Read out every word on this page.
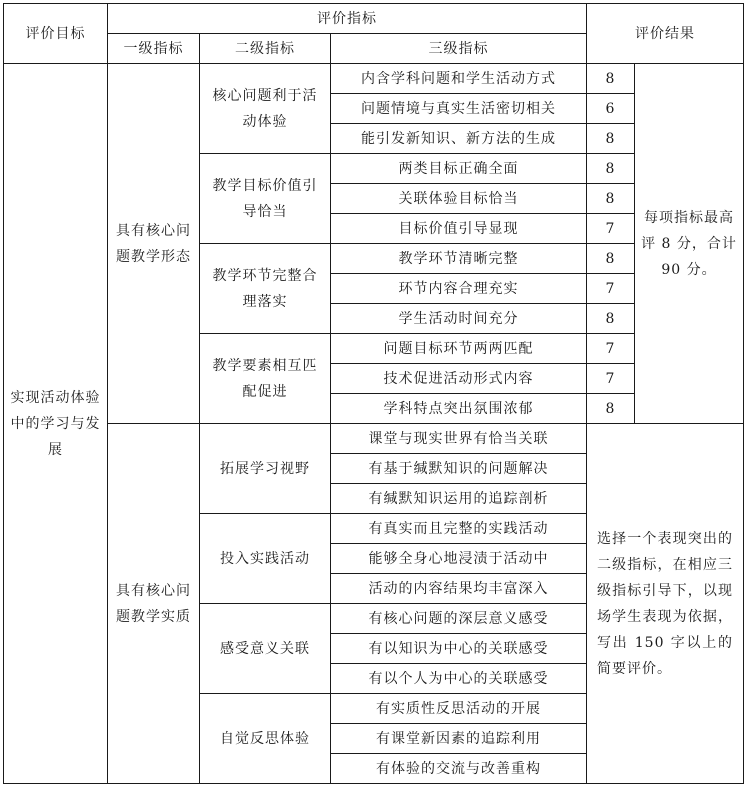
评价目标	评价指标			评价结果	
	一级指标	二级指标	三级指标		

实现活动体验中的学习与发展	具有核心问题教学形态	核心问题利于活动体验	内含学科问题和学生活动方式	8	每项指标最高评 8 分，合计 90 分。

			问题情境与真实生活密切相关	6	
			能引发新知识、新方法的生成	8	

		教学目标价值引导恰当	两类目标正确全面	8	
			关联体验目标恰当	8	
			目标价值引导显现	7	

		教学环节完整合理落实	教学环节清晰完整	8	
			环节内容合理充实	7	
			学生活动时间充分	8	

		教学要素相互匹配促进	问题目标环节两两匹配	7	
			技术促进活动形式内容	7	
			学科特点突出氛围浓郁	8	

	具有核心问题教学实质	拓展学习视野	课堂与现实世界有恰当关联	选择一个表现突出的二级指标，在相应三级指标引导下，以现场学生表现为依据，写出 150 字以上的简要评价。	

			有基于缄默知识的问题解决		
			有缄默知识运用的追踪剖析		

		投入实践活动	有真实而且完整的实践活动		
			能够全身心地浸渍于活动中		
			活动的内容结果均丰富深入		

		感受意义关联	有核心问题的深层意义感受		
			有以知识为中心的关联感受		
			有以个人为中心的关联感受		

		自觉反思体验	有实质性反思活动的开展		
			有课堂新因素的追踪利用		
			有体验的交流与改善重构		
